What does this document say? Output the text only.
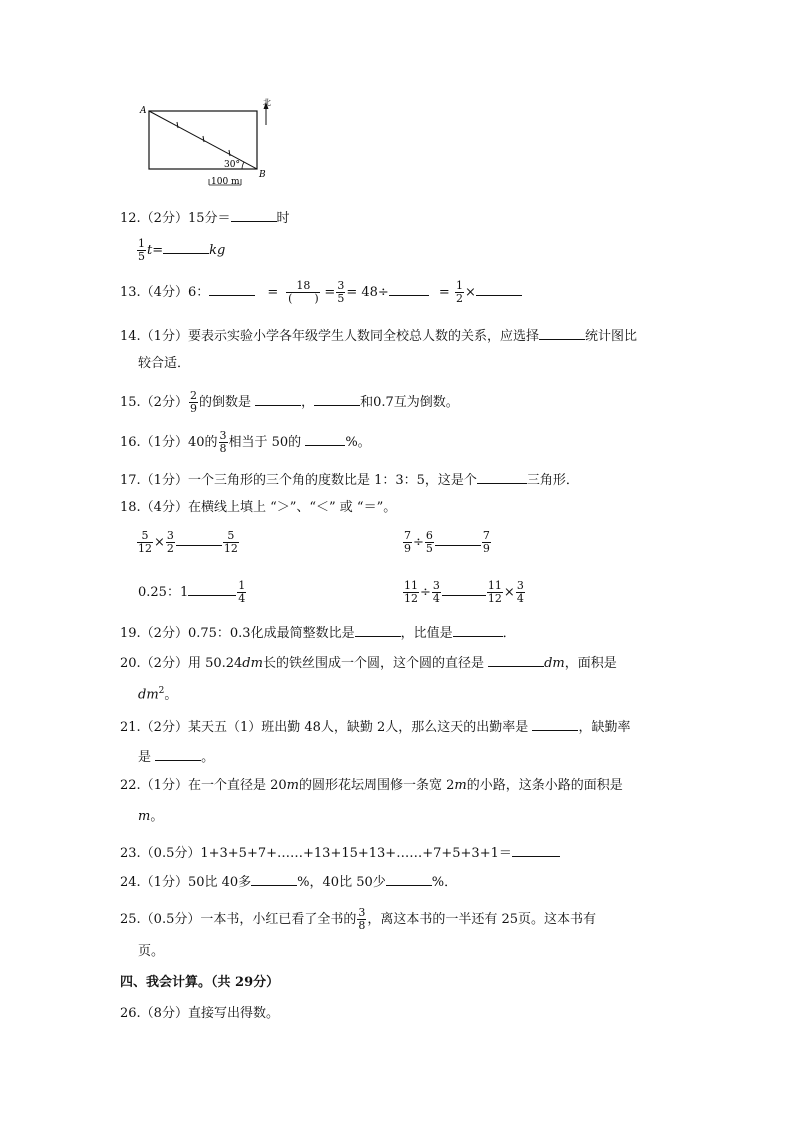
A
B
北
30°
100 m
12.（2分）15分＝	时
$\frac{1}{5} t=$	kg
13.（4分）6：	= $\frac{18}{( )} = \frac{3}{5} = 48\div$	= $\frac{1}{2}$ ×
14.（1分）要表示实验小学各年级学生人数同全校总人数的关系，应选择	统计图比
较合适．
15.（2分） $\frac{2}{9}$ 的倒数是	，	和0.7互为倒数。
16.（1分）40的 $\frac{3}{8}$ 相当于 50的	%。
17.（1分）一个三角形的三个角的度数比是 1：3：5，这是个	三角形．
18.（4分）在横线上填上 “＞”、“＜” 或 “＝”。
$\frac{5}{12} \times \frac{3}{2}$	$\frac{5}{12}$	$\frac{7}{9} \div \frac{6}{5}$	$\frac{7}{9}$
0.25：1	$\frac{1}{4}$	$\frac{11}{12} \div \frac{3}{4}$	$\frac{11}{12} \times \frac{3}{4}$
19.（2分）0.75：0.3化成最简整数比是	，比值是	．
20.（2分）用 50.24dm长的铁丝围成一个圆，这个圆的直径是	dm，面积是
$dm^2$。
21.（2分）某天五（1）班出勤 48人，缺勤 2人，那么这天的出勤率是	，缺勤率
是	。
22.（1分）在一个直径是 20m的圆形花坛周围修一条宽 2m的小路，这条小路的面积是
m。
23.（0.5分）1+3+5+7+……+13+15+13+……+7+5+3+1＝
24.（1分）50比 40多	%，40比 50少	%．
25.（0.5分）一本书，小红已看了全书的 $\frac{3}{8}$ ，离这本书的一半还有 25页。这本书有
页。
四、我会计算。（共 29分）
26.（8分）直接写出得数。
